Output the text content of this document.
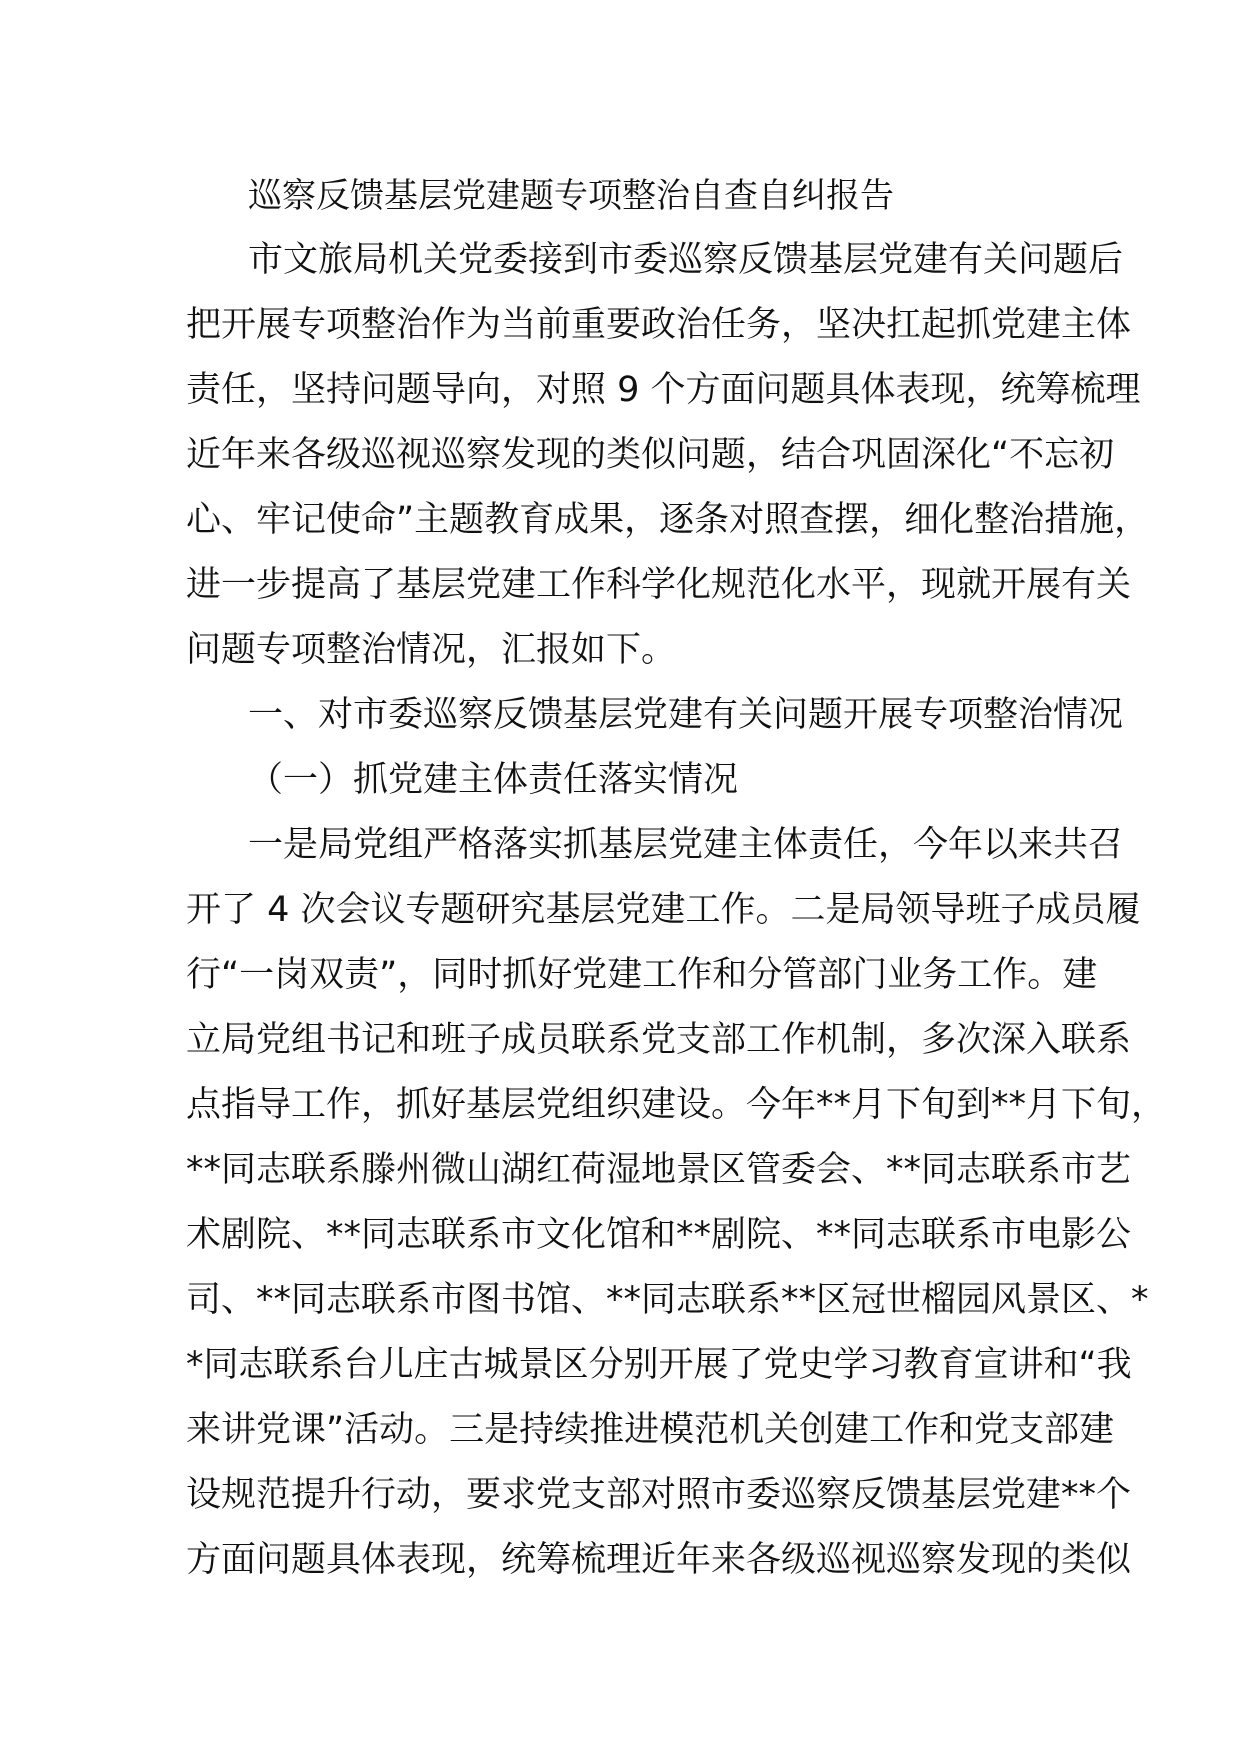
巡察反馈基层党建题专项整治自查自纠报告
市文旅局机关党委接到市委巡察反馈基层党建有关问题后
把开展专项整治作为当前重要政治任务，坚决扛起抓党建主体
责任，坚持问题导向，对照 9 个方面问题具体表现，统筹梳理
近年来各级巡视巡察发现的类似问题，结合巩固深化“不忘初
心、牢记使命”主题教育成果，逐条对照查摆，细化整治措施，
进一步提高了基层党建工作科学化规范化水平，现就开展有关
问题专项整治情况，汇报如下。
一、对市委巡察反馈基层党建有关问题开展专项整治情况
（一）抓党建主体责任落实情况
一是局党组严格落实抓基层党建主体责任，今年以来共召
开了 4 次会议专题研究基层党建工作。二是局领导班子成员履
行“一岗双责”，同时抓好党建工作和分管部门业务工作。建
立局党组书记和班子成员联系党支部工作机制，多次深入联系
点指导工作，抓好基层党组织建设。今年**月下旬到**月下旬，
**同志联系滕州微山湖红荷湿地景区管委会、**同志联系市艺
术剧院、**同志联系市文化馆和**剧院、**同志联系市电影公
司、**同志联系市图书馆、**同志联系**区冠世榴园风景区、*
*同志联系台儿庄古城景区分别开展了党史学习教育宣讲和“我
来讲党课”活动。三是持续推进模范机关创建工作和党支部建
设规范提升行动，要求党支部对照市委巡察反馈基层党建**个
方面问题具体表现，统筹梳理近年来各级巡视巡察发现的类似
